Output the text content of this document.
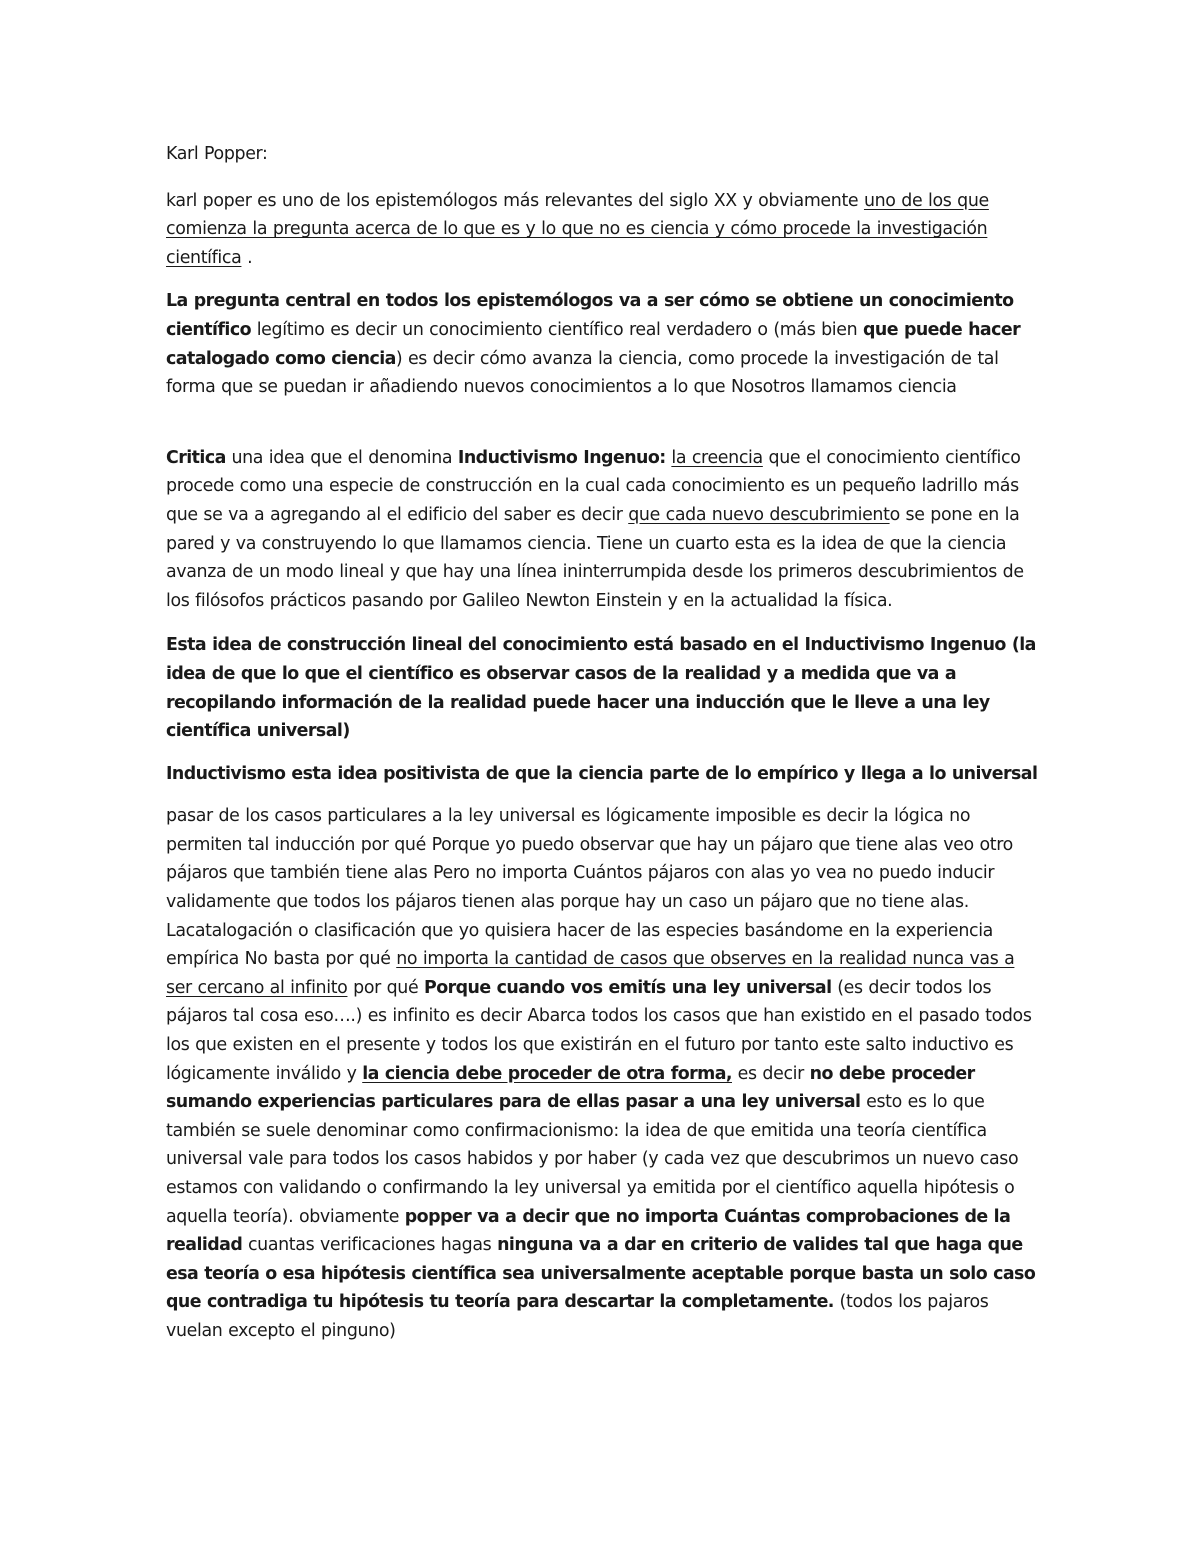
Karl Popper:

karl poper es uno de los epistemólogos más relevantes del siglo XX y obviamente uno de los que comienza la pregunta acerca de lo que es y lo que no es ciencia y cómo procede la investigación científica .

La pregunta central en todos los epistemólogos va a ser cómo se obtiene un conocimiento científico legítimo es decir un conocimiento científico real verdadero o (más bien que puede hacer catalogado como ciencia) es decir cómo avanza la ciencia, como procede la investigación de tal forma que se puedan ir añadiendo nuevos conocimientos a lo que Nosotros llamamos ciencia

Critica una idea que el denomina Inductivismo Ingenuo: la creencia que el conocimiento científico procede como una especie de construcción en la cual cada conocimiento es un pequeño ladrillo más que se va a agregando al el edificio del saber es decir que cada nuevo descubrimiento se pone en la pared y va construyendo lo que llamamos ciencia. Tiene un cuarto esta es la idea de que la ciencia avanza de un modo lineal y que hay una línea ininterrumpida desde los primeros descubrimientos de los filósofos prácticos pasando por Galileo Newton Einstein y en la actualidad la física.

Esta idea de construcción lineal del conocimiento está basado en el Inductivismo Ingenuo (la idea de que lo que el científico es observar casos de la realidad y a medida que va a recopilando información de la realidad puede hacer una inducción que le lleve a una ley científica universal)

Inductivismo esta idea positivista de que la ciencia parte de lo empírico y llega a lo universal

pasar de los casos particulares a la ley universal es lógicamente imposible es decir la lógica no permiten tal inducción por qué Porque yo puedo observar que hay un pájaro que tiene alas veo otro pájaros que también tiene alas Pero no importa Cuántos pájaros con alas yo vea no puedo inducir validamente que todos los pájaros tienen alas porque hay un caso un pájaro que no tiene alas. Lacatalogación o clasificación que yo quisiera hacer de las especies basándome en la experiencia empírica No basta por qué no importa la cantidad de casos que observes en la realidad nunca vas a ser cercano al infinito por qué Porque cuando vos emitís una ley universal (es decir todos los pájaros tal cosa eso….) es infinito es decir Abarca todos los casos que han existido en el pasado todos los que existen en el presente y todos los que existirán en el futuro por tanto este salto inductivo es lógicamente inválido y la ciencia debe proceder de otra forma, es decir no debe proceder sumando experiencias particulares para de ellas pasar a una ley universal esto es lo que también se suele denominar como confirmacionismo: la idea de que emitida una teoría científica universal vale para todos los casos habidos y por haber (y cada vez que descubrimos un nuevo caso estamos con validando o confirmando la ley universal ya emitida por el científico aquella hipótesis o aquella teoría). obviamente popper va a decir que no importa Cuántas comprobaciones de la realidad cuantas verificaciones hagas ninguna va a dar en criterio de valides tal que haga que esa teoría o esa hipótesis científica sea universalmente aceptable porque basta un solo caso que contradiga tu hipótesis tu teoría para descartar la completamente. (todos los pajaros vuelan excepto el pinguno)
